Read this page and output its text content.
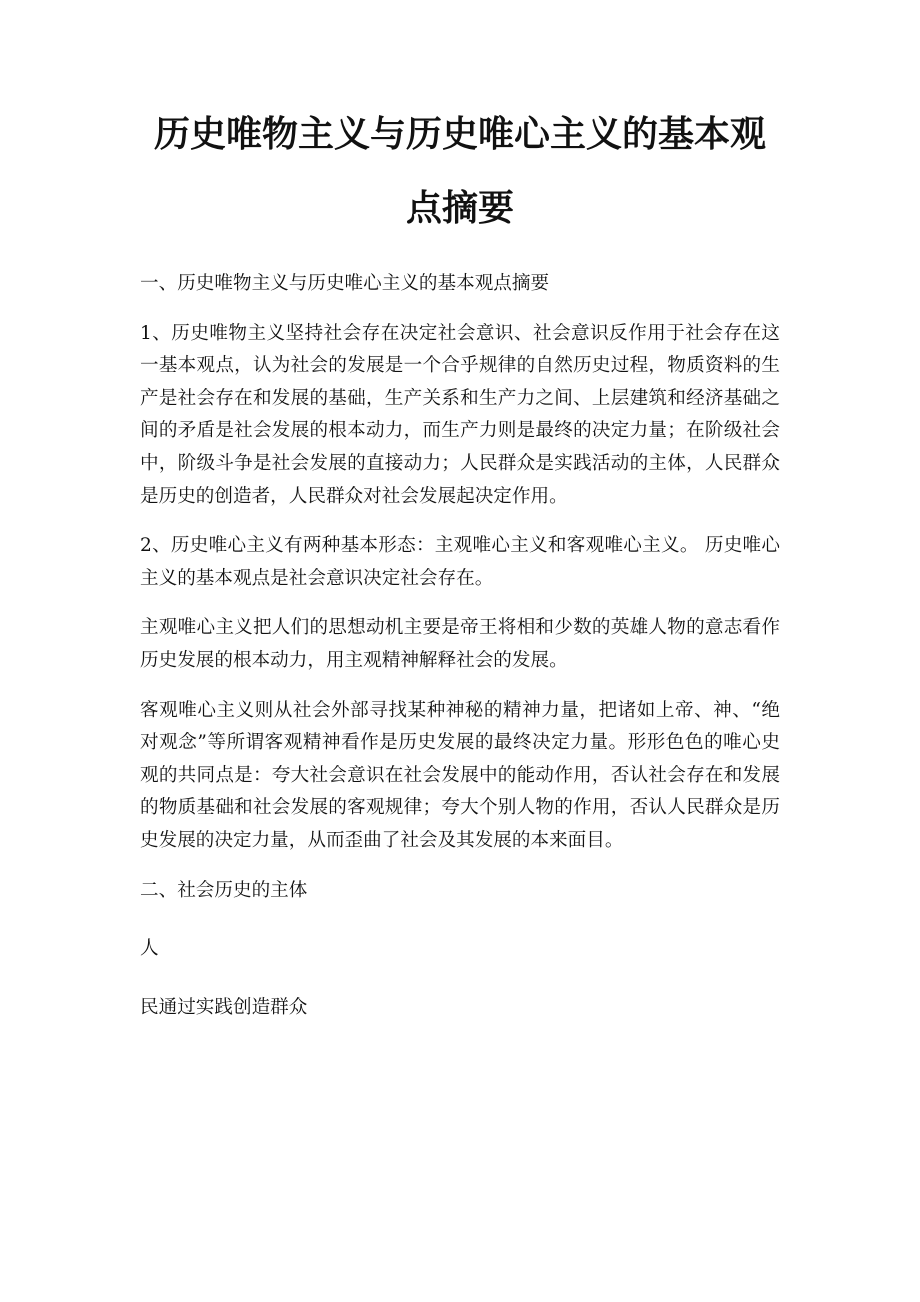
历史唯物主义与历史唯心主义的基本观
点摘要

一、历史唯物主义与历史唯心主义的基本观点摘要

1、历史唯物主义坚持社会存在决定社会意识、社会意识反作用于社会存在这一基本观点，认为社会的发展是一个合乎规律的自然历史过程，物质资料的生产是社会存在和发展的基础，生产关系和生产力之间、上层建筑和经济基础之间的矛盾是社会发展的根本动力，而生产力则是最终的决定力量；在阶级社会中，阶级斗争是社会发展的直接动力；人民群众是实践活动的主体，人民群众是历史的创造者，人民群众对社会发展起决定作用。

2、历史唯心主义有两种基本形态：主观唯心主义和客观唯心主义。 历史唯心主义的基本观点是社会意识决定社会存在。

主观唯心主义把人们的思想动机主要是帝王将相和少数的英雄人物的意志看作历史发展的根本动力，用主观精神解释社会的发展。

客观唯心主义则从社会外部寻找某种神秘的精神力量，把诸如上帝、神、“绝对观念”等所谓客观精神看作是历史发展的最终决定力量。形形色色的唯心史观的共同点是：夸大社会意识在社会发展中的能动作用，否认社会存在和发展的物质基础和社会发展的客观规律；夸大个别人物的作用，否认人民群众是历史发展的决定力量，从而歪曲了社会及其发展的本来面目。

二、社会历史的主体

人

民通过实践创造群众
